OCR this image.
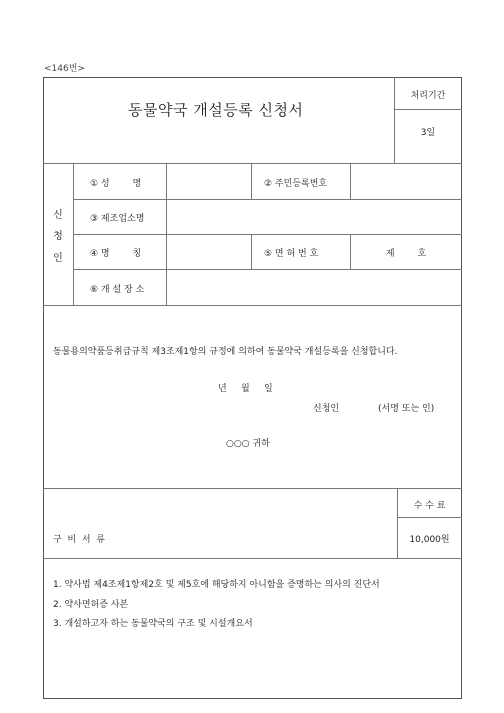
<146번>
동물약국 개설등록 신청서
처리기간
3일
신
청
인
① 성        명	② 주민등록번호
③ 제조업소명
④ 명        칭	⑤ 면 허 번 호	제        호
⑥ 개 설 장 소
동물용의약품등취급규칙 제3조제1항의 규정에 의하여 동물약국 개설등록을 신청합니다.
년     월     일
신청인	(서명 또는 인)
○○○ 귀하
수 수 료
10,000원
구  비  서  류
1. 약사법 제4조제1항제2호 및 제5호에 해당하지 아니함을 증명하는 의사의 진단서
2. 약사면허증 사본
3. 개설하고자 하는 동물약국의 구조 및 시설개요서
